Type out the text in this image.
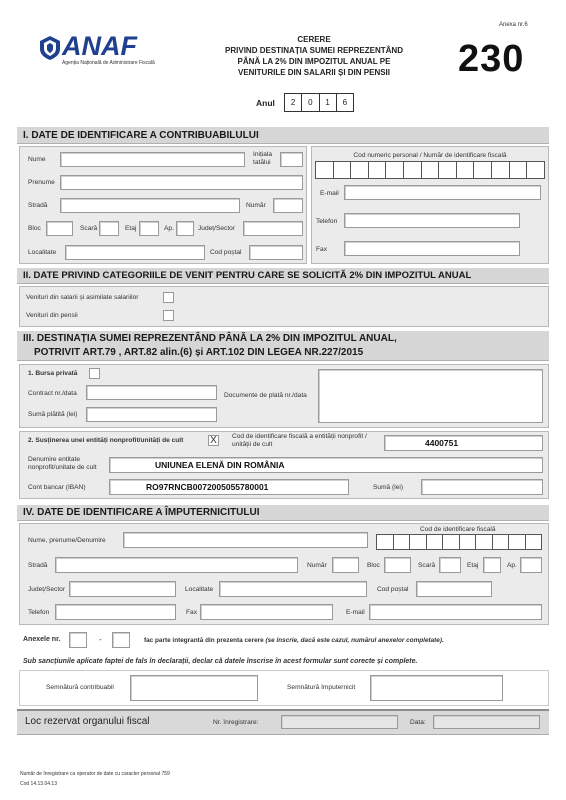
ANAF
Agenția Națională de Administrare Fiscală
CERERE
PRIVIND DESTINAȚIA SUMEI REPREZENTÂND
PÂNĂ LA 2% DIN IMPOZITUL ANUAL PE
VENITURILE DIN SALARII ȘI DIN PENSII
Anexa nr.6
230
Anul	2	0	1	6
I. DATE DE IDENTIFICARE A CONTRIBUABILULUI
Nume
Inițiala
tatălui
Prenume
Stradă	Număr
Bloc	Scară	Etaj	Ap.	Județ/Sector
Localitate	Cod poștal
Cod numeric personal / Număr de identificare fiscală
E-mail
Telefon
Fax
II. DATE PRIVIND CATEGORIILE DE VENIT PENTRU CARE SE SOLICITĂ 2% DIN IMPOZITUL ANUAL
Venituri din salarii și asimilate salariilor
Venituri din pensii
III. DESTINAȚIA SUMEI REPREZENTÂND PÂNĂ LA 2% DIN IMPOZITUL ANUAL,
POTRIVIT ART.79 , ART.82 alin.(6) și ART.102 DIN LEGEA NR.227/2015
1. Bursa privată
Contract nr./data
Sumă plătită (lei)
Documente de plată nr./data
2. Susținerea unei entități nonprofit/unități de cult	X	Cod de identificare fiscală a entității nonprofit /
unității de cult	4400751
Denumire entitate
nonprofit/unitate de cult	UNIUNEA ELENĂ DIN ROMÂNIA
Cont bancar (IBAN)	RO97RNCB0072005055780001	Sumă (lei)
IV. DATE DE IDENTIFICARE A ÎMPUTERNICITULUI
Cod de identificare fiscală
Nume, prenume/Denumire
Stradă	Număr	Bloc	Scară	Etaj	Ap.
Județ/Sector	Localitate	Cod poștal
Telefon	Fax	E-mail
Anexele nr.	-	fac parte integrantă din prezenta cerere (se înscrie, dacă este cazul, numărul anexelor completate).
Sub sancțiunile aplicate faptei de fals în declarații, declar că datele înscrise în acest formular sunt corecte și complete.
Semnătură contribuabil	Semnătură împuternicit
Loc rezervat organului fiscal	Nr. înregistrare:	Data:
Număr de înregistrare ca operator de date cu caracter personal 759
Cod 14.13.04.13
